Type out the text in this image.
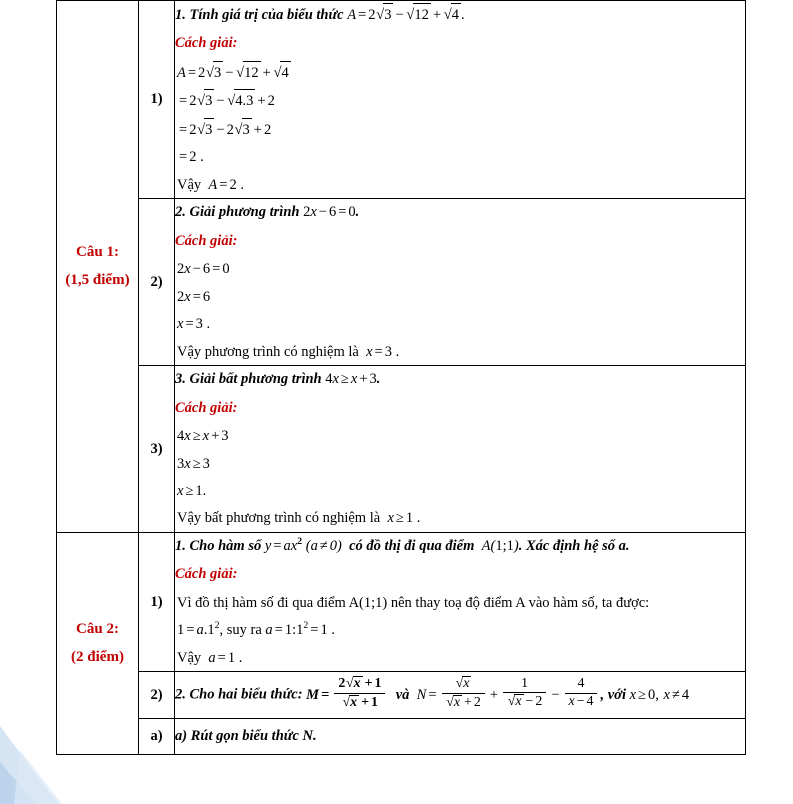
Câu 1:
(1,5 điểm)
	1)	
1. Tính giá trị của biểu thức A = 2√3 − √12 + √4 .
Cách giải:
A = 2√3 − √12 + √4
= 2√3 − √4.3 + 2
= 2√3 − 2√3 + 2
= 2 .
Vậy  A = 2 .

2)	
2. Giải phương trình 2x − 6 = 0.
Cách giải:
2x − 6 = 0
2x = 6
x = 3 .
Vậy phương trình có nghiệm là  x = 3 .

3)	
3. Giải bất phương trình 4x ≥ x + 3.
Cách giải:
4x ≥ x + 3
3x ≥ 3
x ≥ 1.
Vậy bất phương trình có nghiệm là  x ≥ 1 .

Câu 2:
(2 điểm)
	1)	
1. Cho hàm số $y = ax^2$ (a ≠ 0)  có đồ thị đi qua điểm A(1;1). Xác định hệ số a.
Cách giải:
Vì đồ thị hàm số đi qua điểm A(1;1) nên thay toạ độ điểm A vào hàm số, ta được:
$1 = a.1^2$, suy ra $a = 1:1^2 = 1$ .
Vậy  a = 1 .

2)	2. Cho hai biểu thức: $M = \frac{2√x + 1}{√x + 1}$ và  $N = \frac{√x}{√x + 2} + \frac{1}{√x - 2} - \frac{4}{x - 4}$ , với x ≥ 0, x ≠ 4

	a)	a) Rút gọn biểu thức N.
